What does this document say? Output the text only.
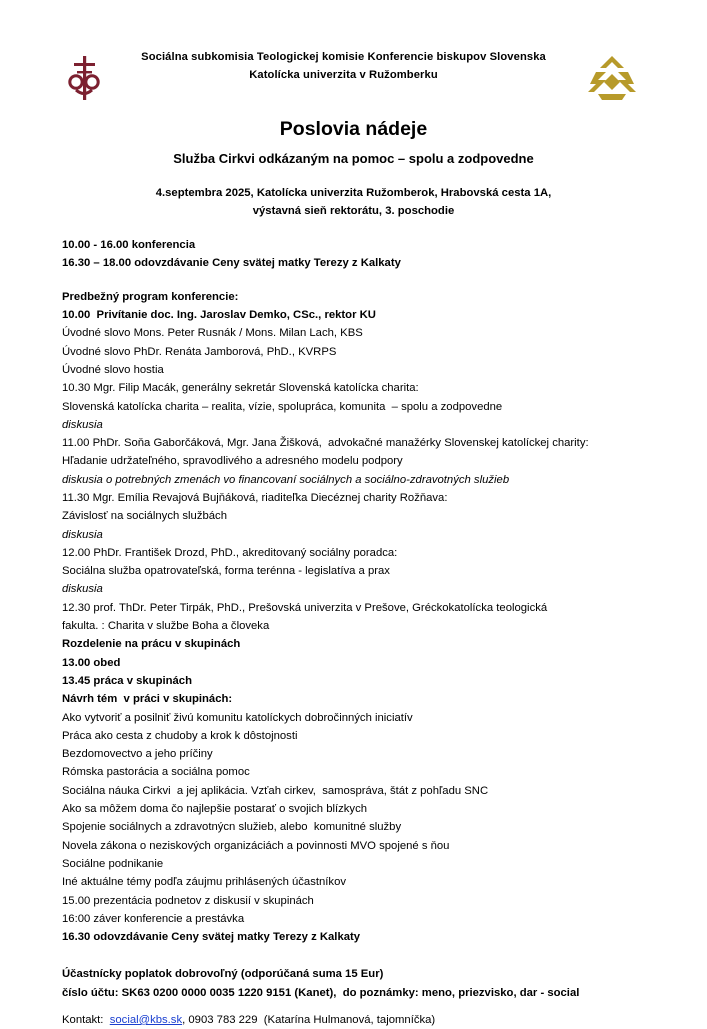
Sociálna subkomisia Teologickej komisie Konferencie biskupov Slovenska
Katolícka univerzita v Ružomberku
Poslovia nádeje
Služba Cirkvi odkázaným na pomoc – spolu a zodpovedne
4.septembra 2025, Katolícka univerzita Ružomberok, Hrabovská cesta 1A,
výstavná sieň rektorátu, 3. poschodie
10.00 - 16.00 konferencia
16.30 – 18.00 odovzdávanie Ceny svätej matky Terezy z Kalkaty
Predbežný program konferencie:
10.00  Privítanie doc. Ing. Jaroslav Demko, CSc., rektor KU
Úvodné slovo Mons. Peter Rusnák / Mons. Milan Lach, KBS
Úvodné slovo PhDr. Renáta Jamborová, PhD., KVRPS
Úvodné slovo hostia
10.30 Mgr. Filip Macák, generálny sekretár Slovenská katolícka charita:
Slovenská katolícka charita – realita, vízie, spolupráca, komunita  – spolu a zodpovedne
diskusia
11.00 PhDr. Soňa Gaborčáková, Mgr. Jana Žišková,  advokačné manažérky Slovenskej katolíckej charity:
Hľadanie udržateľného, spravodlivého a adresného modelu podpory
diskusia o potrebných zmenách vo financovaní sociálnych a sociálno-zdravotných služieb
11.30 Mgr. Emília Revajová Bujňáková, riaditeľka Diecéznej charity Rožňava:
Závislosť na sociálnych službách
diskusia
12.00 PhDr. František Drozd, PhD., akreditovaný sociálny poradca:
Sociálna služba opatrovateľská, forma terénna - legislatíva a prax
diskusia
12.30 prof. ThDr. Peter Tirpák, PhD., Prešovská univerzita v Prešove, Gréckokatolícka teologická
fakulta. : Charita v službe Boha a človeka
Rozdelenie na prácu v skupinách
13.00 obed
13.45 práca v skupinách
Návrh tém  v práci v skupinách:
Ako vytvoriť a posilniť živú komunitu katolíckych dobročinných iniciatív
Práca ako cesta z chudoby a krok k dôstojnosti
Bezdomovectvo a jeho príčiny
Rómska pastorácia a sociálna pomoc
Sociálna náuka Cirkvi  a jej aplikácia. Vzťah cirkev,  samospráva, štát z pohľadu SNC
Ako sa môžem doma čo najlepšie postarať o svojich blízkych
Spojenie sociálnych a zdravotnýcn služieb, alebo  komunitné služby
Novela zákona o neziskových organizáciách a povinnosti MVO spojené s ňou
Sociálne podnikanie
Iné aktuálne témy podľa záujmu prihlásených účastníkov
15.00 prezentácia podnetov z diskusií v skupinách
16:00 záver konferencie a prestávka
16.30 odovzdávanie Ceny svätej matky Terezy z Kalkaty
Účastnícky poplatok dobrovoľný (odporúčaná suma 15 Eur)
číslo účtu: SK63 0200 0000 0035 1220 9151 (Kanet),  do poznámky: meno, priezvisko, dar - social
Kontakt:  social@kbs.sk, 0903 783 229  (Katarína Hulmanová, tajomníčka)
